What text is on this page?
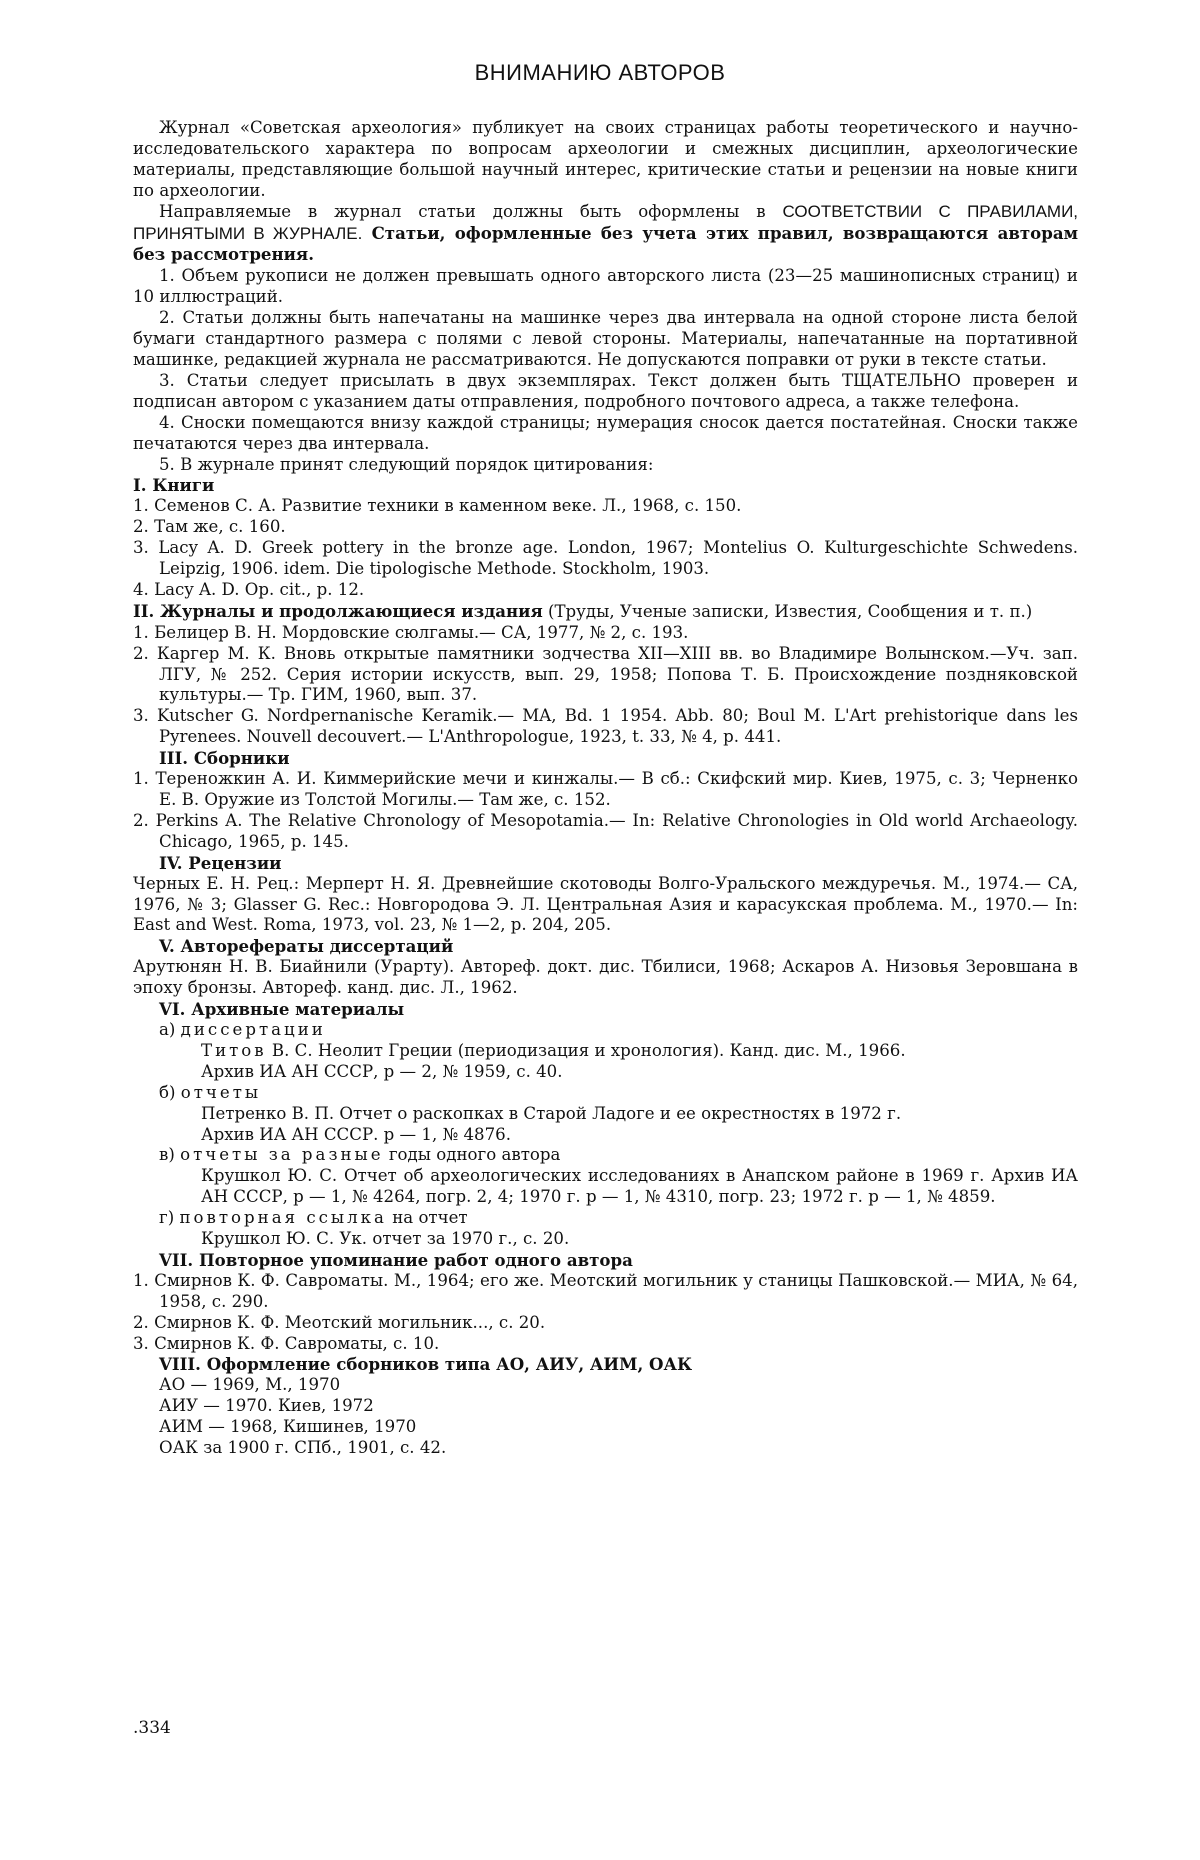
ВНИМАНИЮ АВТОРОВ

Журнал «Советская археология» публикует на своих страницах работы теоретического и научно-исследовательского характера по вопросам археологии и смежных дисциплин, археологические материалы, представляющие большой научный интерес, критические статьи и рецензии на новые книги по археологии.

Направляемые в журнал статьи должны быть оформлены в СООТВЕТСТВИИ С ПРАВИЛАМИ, ПРИНЯТЫМИ В ЖУРНАЛЕ. Статьи, оформленные без учета этих правил, возвращаются авторам без рассмотрения.

1. Объем рукописи не должен превышать одного авторского листа (23—25 машинописных страниц) и 10 иллюстраций.

2. Статьи должны быть напечатаны на машинке через два интервала на одной стороне листа белой бумаги стандартного размера с полями с левой стороны. Материалы, напечатанные на портативной машинке, редакцией журнала не рассматриваются. Не допускаются поправки от руки в тексте статьи.

3. Статьи следует присылать в двух экземплярах. Текст должен быть ТЩАТЕЛЬНО проверен и подписан автором с указанием даты отправления, подробного почтового адреса, а также телефона.

4. Сноски помещаются внизу каждой страницы; нумерация сносок дается постатейная. Сноски также печатаются через два интервала.

5. В журнале принят следующий порядок цитирования:

I. Книги

1. Семенов С. А. Развитие техники в каменном веке. Л., 1968, с. 150.

2. Там же, с. 160.

3. Lacy A. D. Greek pottery in the bronze age. London, 1967; Montelius O. Kulturgeschichte Schwedens. Leipzig, 1906. idem. Die tipologische Methode. Stockholm, 1903.

4. Lacy A. D. Op. cit., p. 12.

II. Журналы и продолжающиеся издания (Труды, Ученые записки, Известия, Сообщения и т. п.)

1. Белицер В. Н. Мордовские сюлгамы.— СА, 1977, № 2, с. 193.

2. Каргер М. К. Вновь открытые памятники зодчества XII—XIII вв. во Владимире Волынском.—Уч. зап. ЛГУ, № 252. Серия истории искусств, вып. 29, 1958; Попова Т. Б. Происхождение поздняковской культуры.— Тр. ГИМ, 1960, вып. 37.

3. Kutscher G. Nordpernanische Keramik.— MA, Bd. 1 1954. Abb. 80; Boul M. L'Art prehistorique dans les Pyrenees. Nouvell decouvert.— L'Anthropologue, 1923, t. 33, № 4, p. 441.

III. Сборники

1. Тереножкин А. И. Киммерийские мечи и кинжалы.— В сб.: Скифский мир. Киев, 1975, с. 3; Черненко Е. В. Оружие из Толстой Могилы.— Там же, с. 152.

2. Perkins A. The Relative Chronology of Mesopotamia.— In: Relative Chronologies in Old world Archaeology. Chicago, 1965, p. 145.

IV. Рецензии

Черных Е. Н. Рец.: Мерперт Н. Я. Древнейшие скотоводы Волго-Уральского междуречья. М., 1974.— СА, 1976, № 3; Glasser G. Rec.: Новгородова Э. Л. Центральная Азия и карасукская проблема. М., 1970.— In: East and West. Roma, 1973, vol. 23, № 1—2, p. 204, 205.

V. Автореферaты диссертаций

Арутюнян Н. В. Биайнили (Урарту). Автореф. докт. дис. Тбилиси, 1968; Аскаров А. Низовья Зеровшана в эпоху бронзы. Автореф. канд. дис. Л., 1962.

VI. Архивные материалы

а) диссертации

Титов В. С. Неолит Греции (периодизация и хронология). Канд. дис. М., 1966.

Архив ИА АН СССР, р — 2, № 1959, с. 40.

б) отчеты

Петренко В. П. Отчет о раскопках в Старой Ладоге и ее окрестностях в 1972 г.

Архив ИА АН СССР. р — 1, № 4876.

в) отчеты за разные годы одного автора

Крушкол Ю. С. Отчет об археологических исследованиях в Анапском районе в 1969 г. Архив ИА АН СССР, р — 1, № 4264, погр. 2, 4; 1970 г. р — 1, № 4310, погр. 23; 1972 г. р — 1, № 4859.

г) повторная ссылка на отчет

Крушкол Ю. С. Ук. отчет за 1970 г., с. 20.

VII. Повторное упоминание работ одного автора

1. Смирнов К. Ф. Савроматы. М., 1964; его же. Меотский могильник у станицы Пашковской.— МИА, № 64, 1958, с. 290.

2. Смирнов К. Ф. Меотский могильник..., с. 20.

3. Смирнов К. Ф. Савроматы, с. 10.

VIII. Оформление сборников типа АО, АИУ, АИМ, ОАК

АО — 1969, М., 1970

АИУ — 1970. Киев, 1972

АИМ — 1968, Кишинев, 1970

ОАК за 1900 г. СПб., 1901, с. 42.

.334
